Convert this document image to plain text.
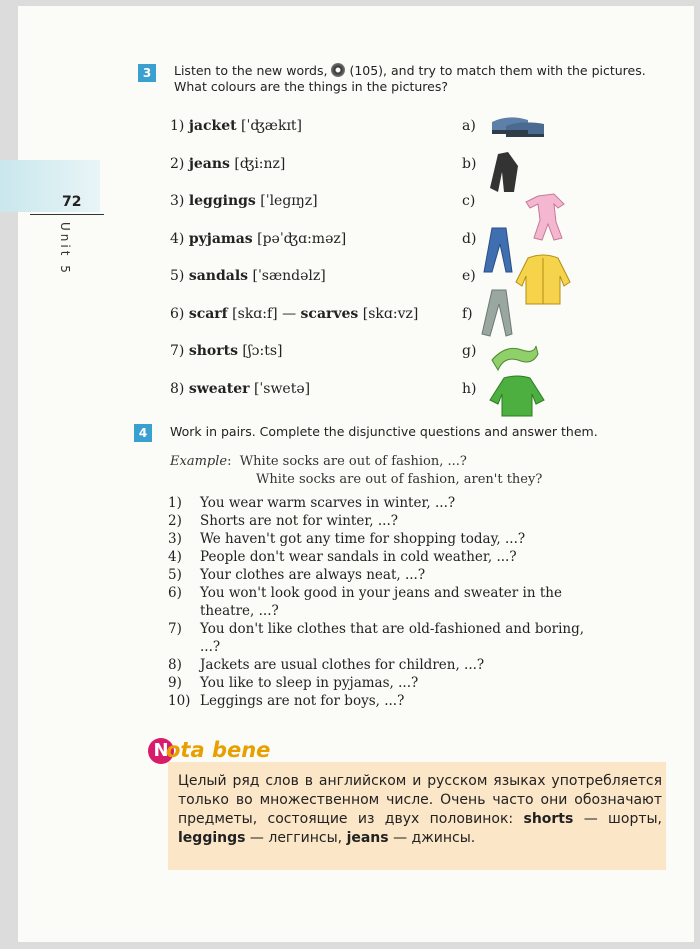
72
Unit 5
3	Listen to the new words, (105), and try to match them with the pictures.
What colours are the things in the pictures?
1) jacket [ˈʤækɪt]
2) jeans [ʤi:nz]
3) leggings [ˈlegɪŋz]
4) pyjamas [pəˈʤɑ:məz]
5) sandals [ˈsændəlz]
6) scarf [skɑ:f] — scarves [skɑ:vz]
7) shorts [ʃɔ:ts]
8) sweater [ˈswetə]
a)
b)
c)
d)
e)
f)
g)
h)
4	Work in pairs. Complete the disjunctive questions and answer them.
Example:  White socks are out of fashion, ...?
White socks are out of fashion, aren't they?
1) You wear warm scarves in winter, ...?
2) Shorts are not for winter, ...?
3) We haven't got any time for shopping today, ...?
4) People don't wear sandals in cold weather, ...?
5) Your clothes are always neat, ...?
6) You won't look good in your jeans and sweater in the
theatre, ...?
7) You don't like clothes that are old-fashioned and boring,
...?
8) Jackets are usual clothes for children, ...?
9) You like to sleep in pyjamas, ...?
10) Leggings are not for boys, ...?
N
ota bene
Целый ряд слов в английском и русском языках употребляется только во множественном числе. Очень часто они обозначают предметы, состоящие из двух половинок: shorts — шорты, leggings — леггинсы, jeans — джинсы.
